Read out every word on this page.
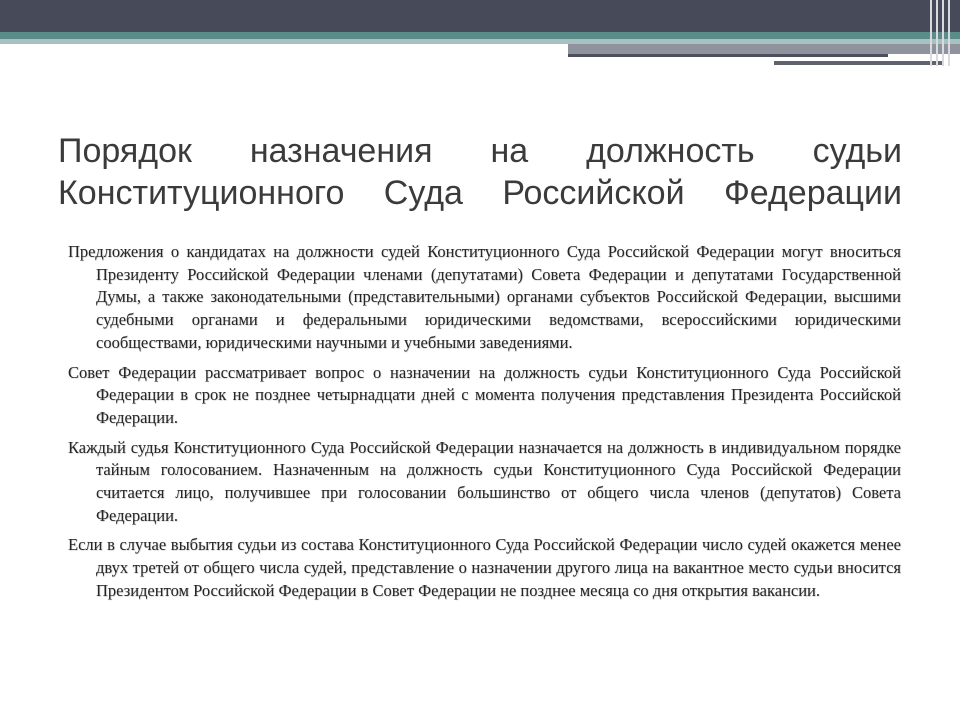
Порядок назначения на должность судьи
Конституционного Суда Российской Федерации
Предложения о кандидатах на должности судей Конституционного Суда Российской Федерации могут вноситься Президенту Российской Федерации членами (депутатами) Совета Федерации и депутатами Государственной Думы, а также законодательными (представительными) органами субъектов Российской Федерации, высшими судебными органами и федеральными юридическими ведомствами, всероссийскими юридическими сообществами, юридическими научными и учебными заведениями.
Совет Федерации рассматривает вопрос о назначении на должность судьи Конституционного Суда Российской Федерации в срок не позднее четырнадцати дней с момента получения представления Президента Российской Федерации.
Каждый судья Конституционного Суда Российской Федерации назначается на должность в индивидуальном порядке тайным голосованием. Назначенным на должность судьи Конституционного Суда Российской Федерации считается лицо, получившее при голосовании большинство от общего числа членов (депутатов) Совета Федерации.
Если в случае выбытия судьи из состава Конституционного Суда Российской Федерации число судей окажется менее двух третей от общего числа судей, представление о назначении другого лица на вакантное место судьи вносится Президентом Российской Федерации в Совет Федерации не позднее месяца со дня открытия вакансии.
